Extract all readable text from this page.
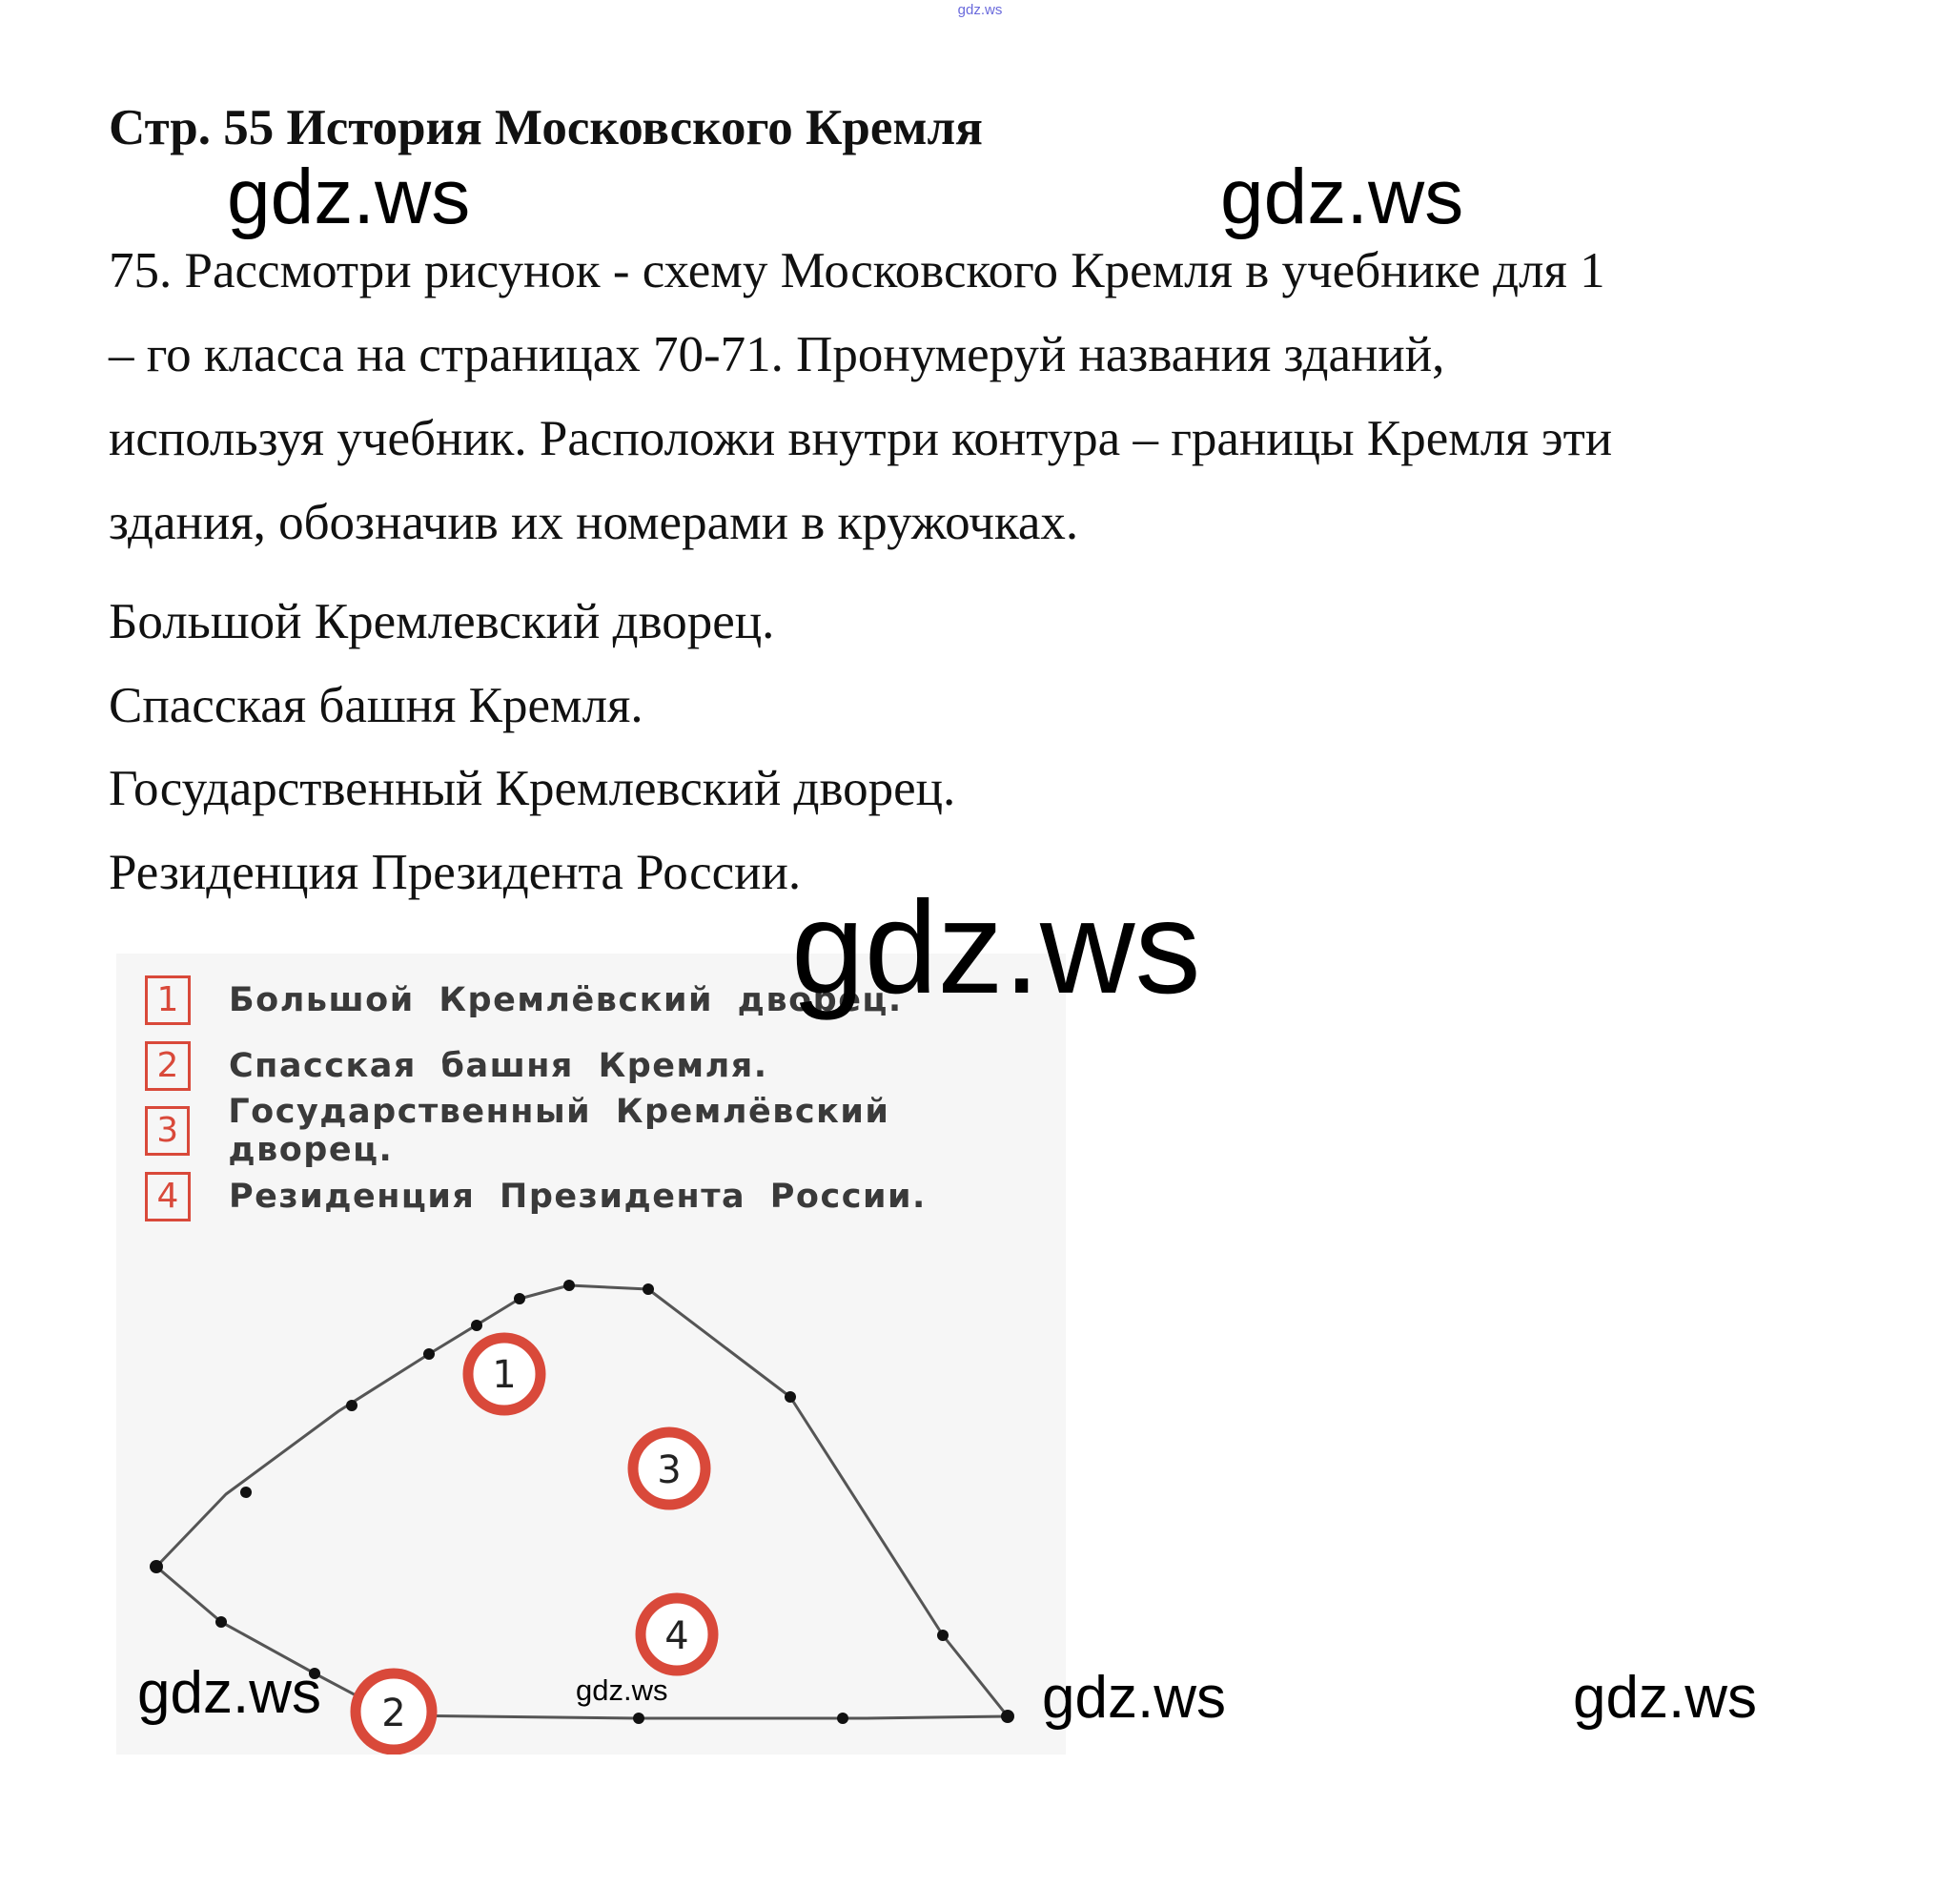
gdz.ws
Стр. 55 История Московского Кремля

75. Рассмотри рисунок - схему Московского Кремля в учебнике для 1

– го класса на страницах 70-71. Пронумеруй названия зданий,

используя учебник. Расположи внутри контура – границы Кремля эти

здания, обозначив их номерами в кружочках.

Большой Кремлевский дворец.
Спасская башня Кремля.
Государственный Кремлевский дворец.
Резиденция Президента России.
1	Большой Кремлёвский дворец.
2	Спасская башня Кремля.
3	Государственный Кремлёвский дворец.
4	Резиденция Президента России.
1
3
4
2
gdz.ws	gdz.ws
gdz.ws
gdz.ws	gdz.ws	gdz.ws	gdz.ws
